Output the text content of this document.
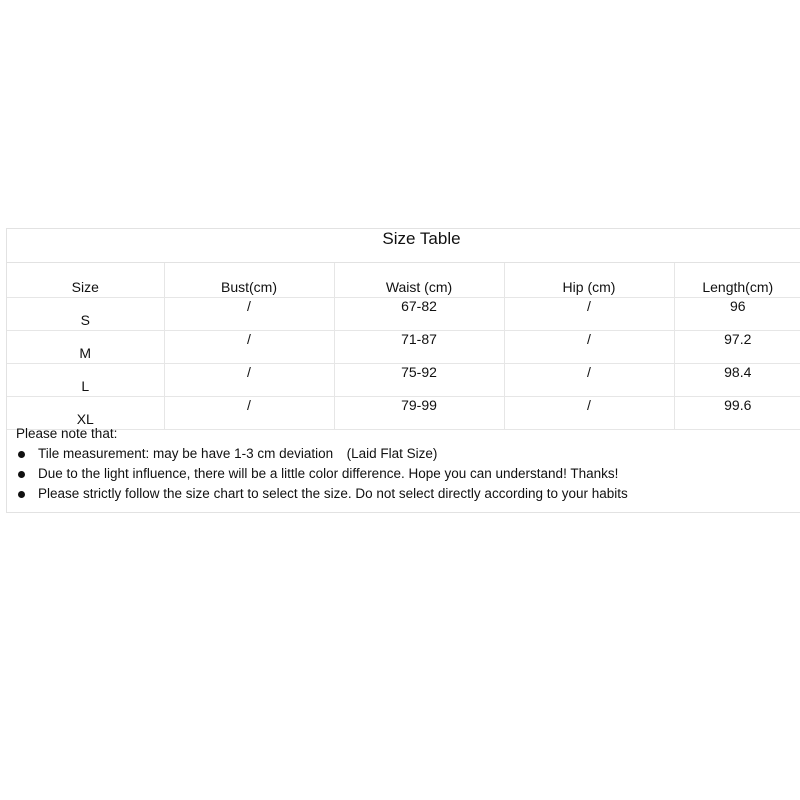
Size Table
Size	Bust(cm)	Waist (cm)	Hip (cm)	Length(cm)
S	/	67-82	/	96
M	/	71-87	/	97.2
L	/	75-92	/	98.4
XL	/	79-99	/	99.6
Please note that:
Tile measurement: may be have 1-3 cm deviation　(Laid Flat Size)
Due to the light influence, there will be a little color difference. Hope you can understand! Thanks!
Please strictly follow the size chart to select the size. Do not select directly according to your habits
